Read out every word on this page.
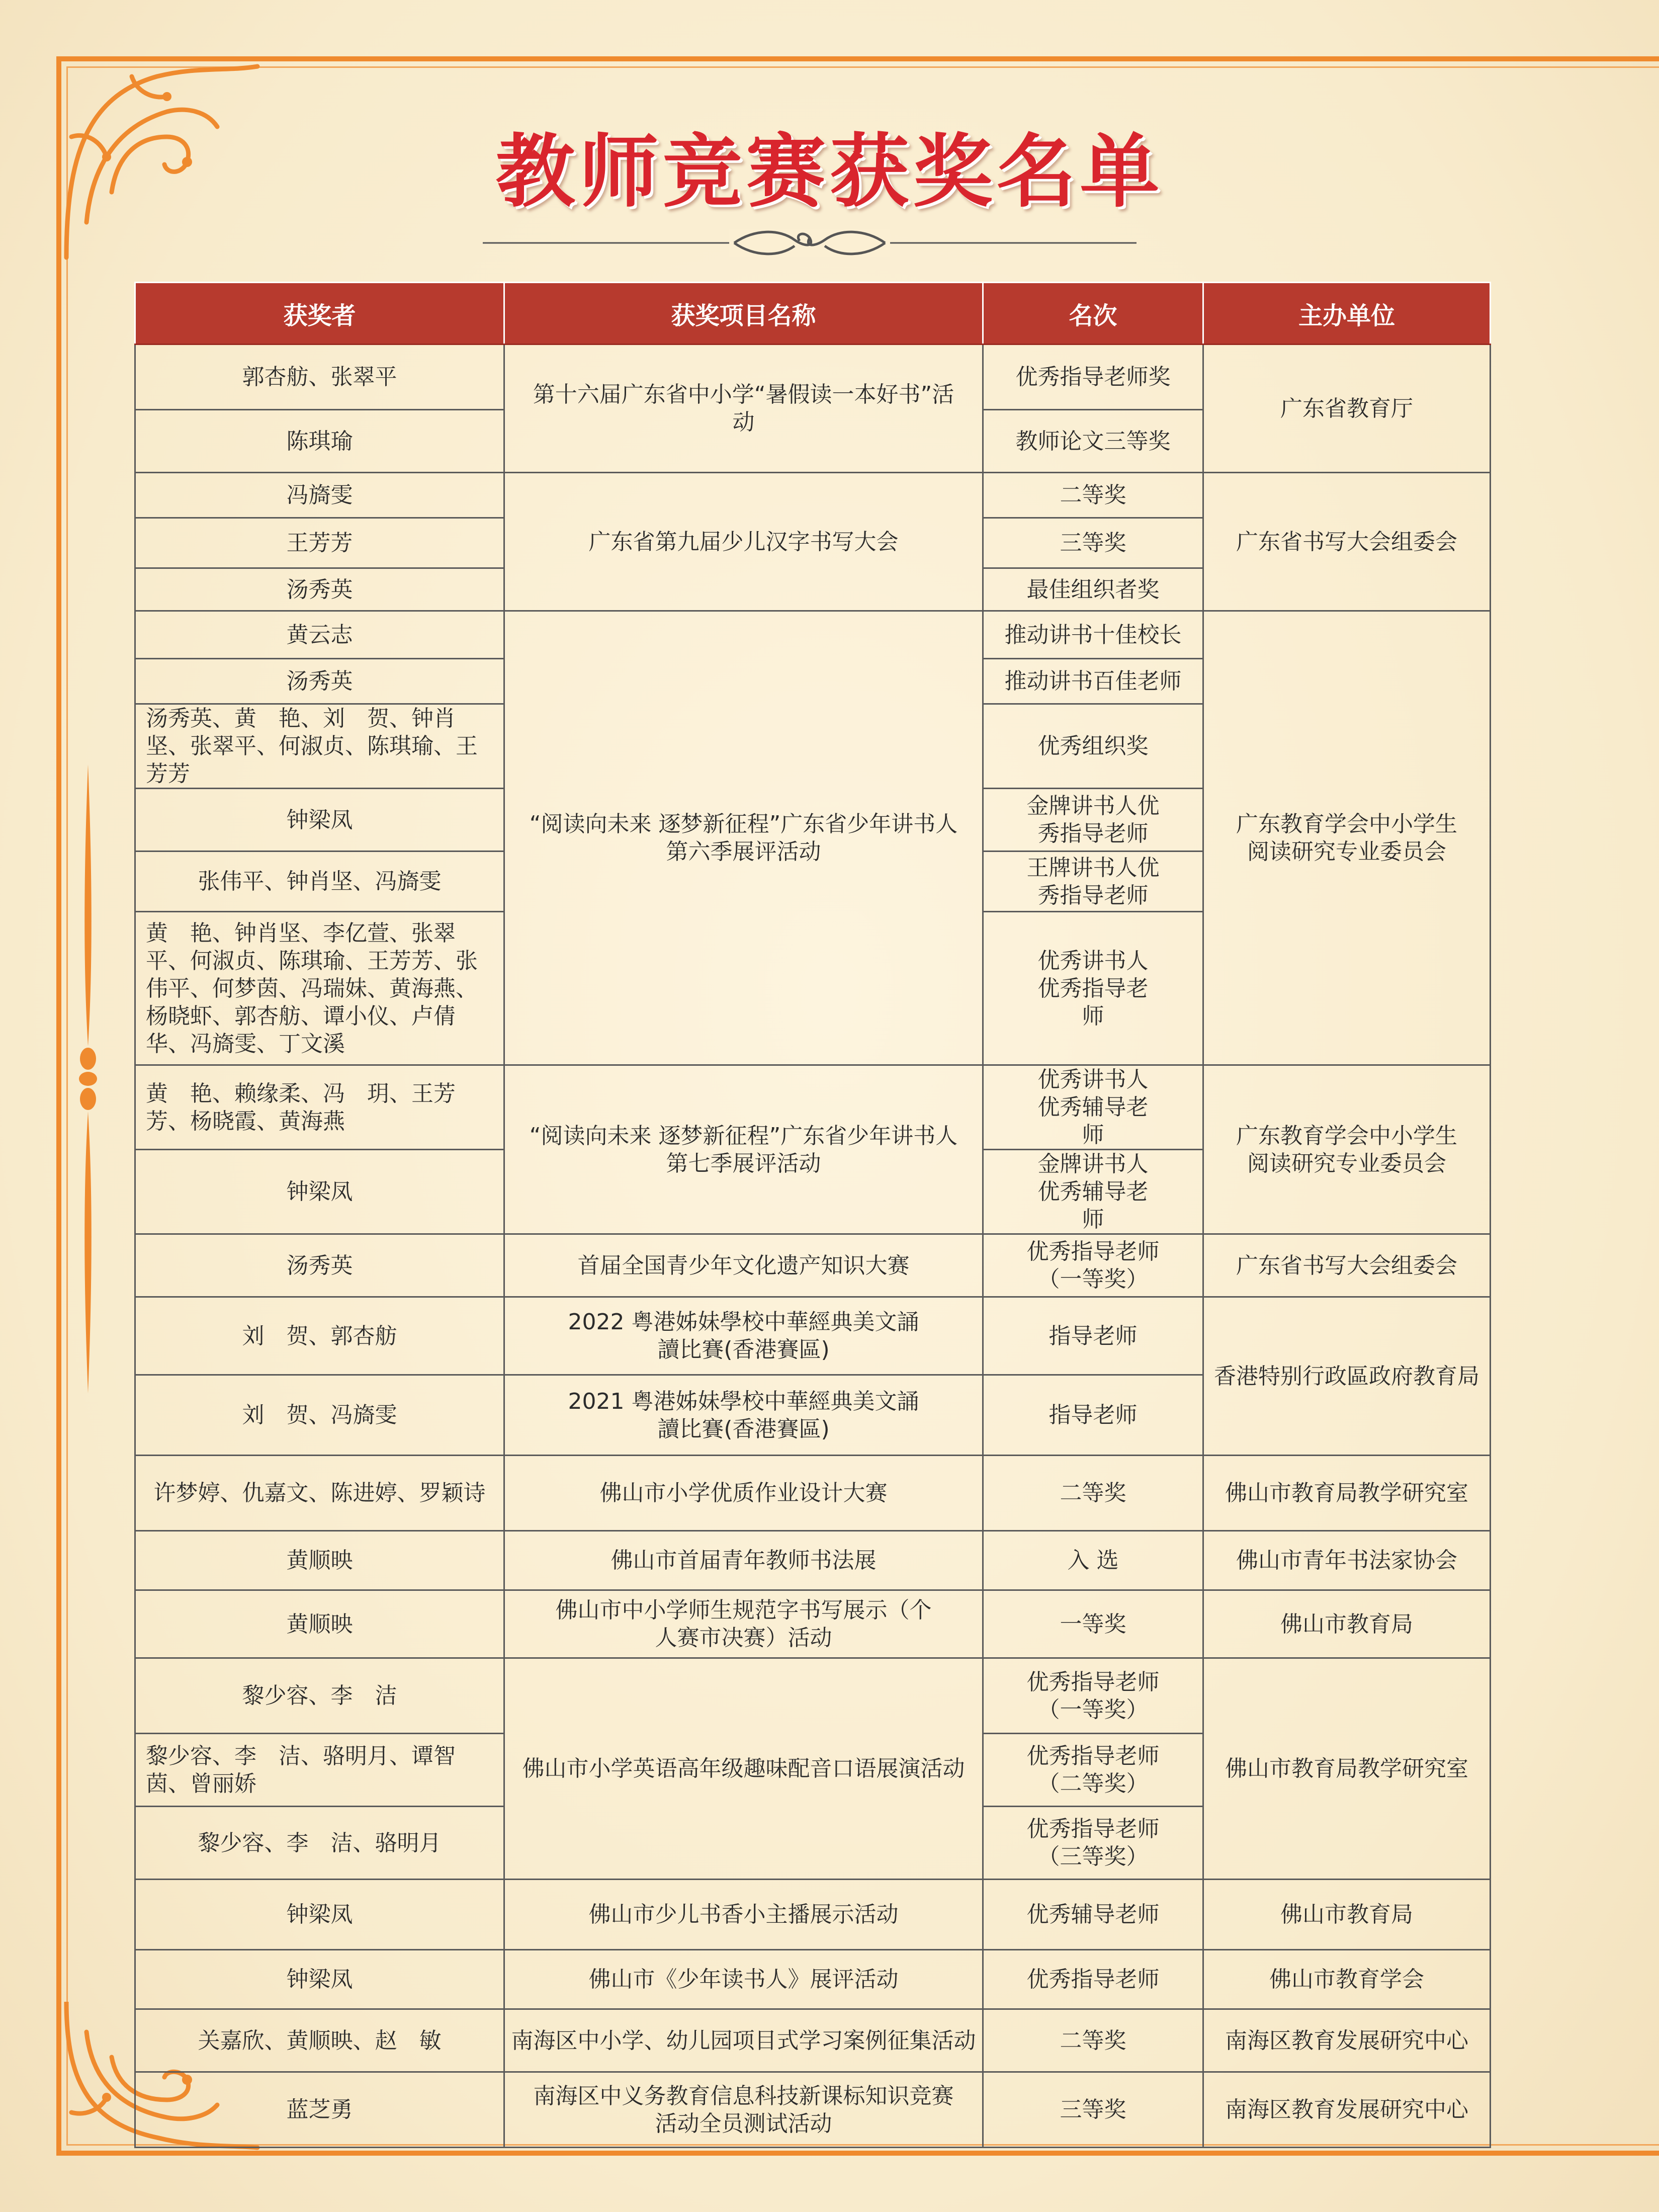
教师竞赛获奖名单
获奖者	获奖项目名称	名次	主办单位
郭杏舫、张翠平	第十六届广东省中小学“暑假读一本好书”活动	优秀指导老师奖	广东省教育厅
陈琪瑜		教师论文三等奖	
冯旖雯	广东省第九届少儿汉字书写大会	二等奖	广东省书写大会组委会
王芳芳		三等奖	
汤秀英		最佳组织者奖	
黄云志	“阅读向未来 逐梦新征程”广东省少年讲书人第六季展评活动	推动讲书十佳校长	广东教育学会中小学生阅读研究专业委员会
汤秀英		推动讲书百佳老师	
汤秀英、黄　艳、刘　贺、钟肖坚、张翠平、何淑贞、陈琪瑜、王芳芳		优秀组织奖	
钟梁凤		金牌讲书人优秀指导老师	
张伟平、钟肖坚、冯旖雯		王牌讲书人优秀指导老师	
黄　艳、钟肖坚、李亿萱、张翠平、何淑贞、陈琪瑜、王芳芳、张伟平、何梦茵、冯瑞妹、黄海燕、杨晓虾、郭杏舫、谭小仪、卢倩华、冯旖雯、丁文溪		优秀讲书人优秀指导老师	
黄　艳、赖缘柔、冯　玥、王芳芳、杨晓霞、黄海燕	“阅读向未来 逐梦新征程”广东省少年讲书人第七季展评活动	优秀讲书人优秀辅导老师	广东教育学会中小学生阅读研究专业委员会
钟梁凤		金牌讲书人优秀辅导老师	
汤秀英	首届全国青少年文化遗产知识大赛	优秀指导老师（一等奖）	广东省书写大会组委会
刘　贺、郭杏舫	2022 粤港姊妹學校中華經典美文誦讀比賽(香港賽區)	指导老师	香港特别行政區政府教育局
刘　贺、冯旖雯	2021 粤港姊妹學校中華經典美文誦讀比賽(香港賽區)	指导老师	
许梦婷、仇嘉文、陈进婷、罗颖诗	佛山市小学优质作业设计大赛	二等奖	佛山市教育局教学研究室
黄顺映	佛山市首届青年教师书法展	入 选	佛山市青年书法家协会
黄顺映	佛山市中小学师生规范字书写展示（个人赛市决赛）活动	一等奖	佛山市教育局
黎少容、李　洁	佛山市小学英语高年级趣味配音口语展演活动	优秀指导老师（一等奖）	佛山市教育局教学研究室
黎少容、李　洁、骆明月、谭智茵、曾丽娇		优秀指导老师（二等奖）	
黎少容、李　洁、骆明月		优秀指导老师（三等奖）	
钟梁凤	佛山市少儿书香小主播展示活动	优秀辅导老师	佛山市教育局
钟梁凤	佛山市《少年读书人》展评活动	优秀指导老师	佛山市教育学会
关嘉欣、黄顺映、赵　敏	南海区中小学、幼儿园项目式学习案例征集活动	二等奖	南海区教育发展研究中心
蓝芝勇	南海区中义务教育信息科技新课标知识竞赛活动全员测试活动	三等奖	南海区教育发展研究中心
